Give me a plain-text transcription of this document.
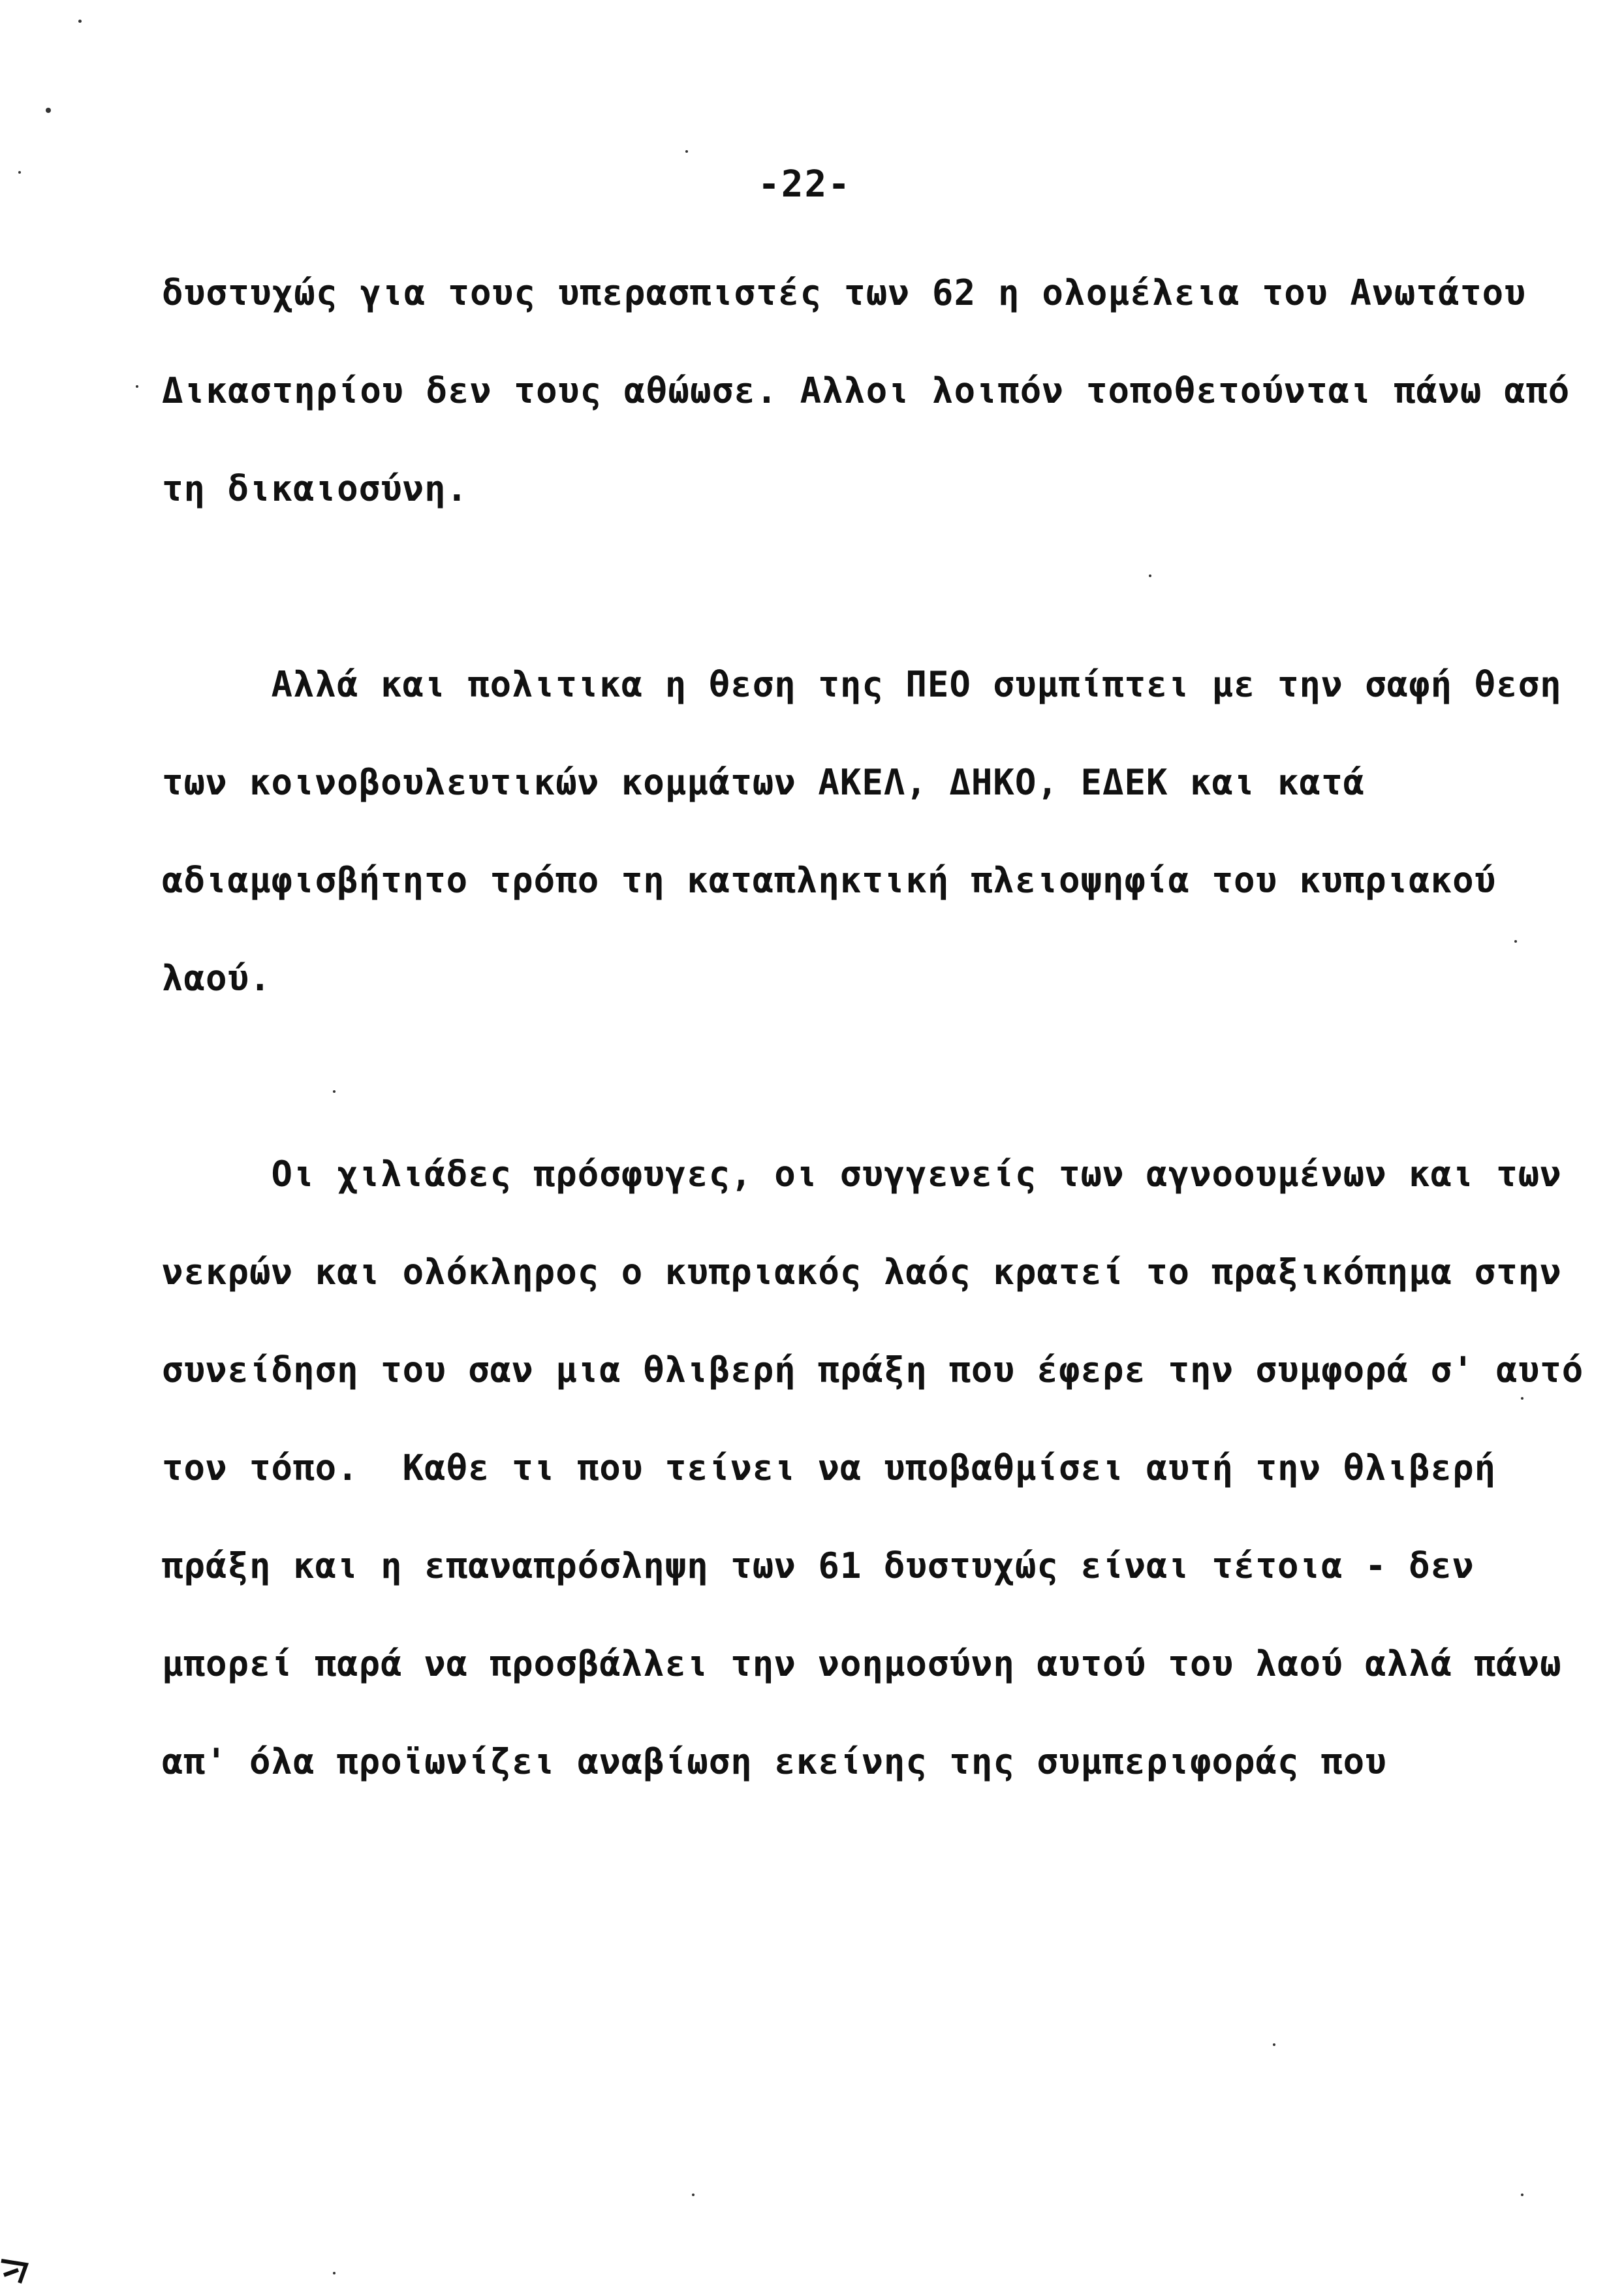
-22-
δυστυχώς για τους υπερασπιστές των 62 η ολομέλεια του Ανωτάτου
Δικαστηρίου δεν τους αθώωσε. Αλλοι λοιπόν τοποθετούνται πάνω από
τη δικαιοσύνη.
Αλλά και πολιτικα η θεση της ΠΕΟ συμπίπτει με την σαφή θεση
των κοινοβουλευτικών κομμάτων ΑΚΕΛ, ΔΗΚΟ, ΕΔΕΚ και κατά
αδιαμφισβήτητο τρόπο τη καταπληκτική πλειοψηφία του κυπριακού
λαού.
Οι χιλιάδες πρόσφυγες, οι συγγενείς των αγνοουμένων και των
νεκρών και ολόκληρος ο κυπριακός λαός κρατεί το πραξικόπημα στην
συνείδηση του σαν μια θλιβερή πράξη που έφερε την συμφορά σ' αυτό
τον τόπο.  Καθε τι που τείνει να υποβαθμίσει αυτή την θλιβερή
πράξη και η επαναπρόσληψη των 61 δυστυχώς είναι τέτοια - δεν
μπορεί παρά να προσβάλλει την νοημοσύνη αυτού του λαού αλλά πάνω
απ' όλα προϊωνίζει αναβίωση εκείνης της συμπεριφοράς που
